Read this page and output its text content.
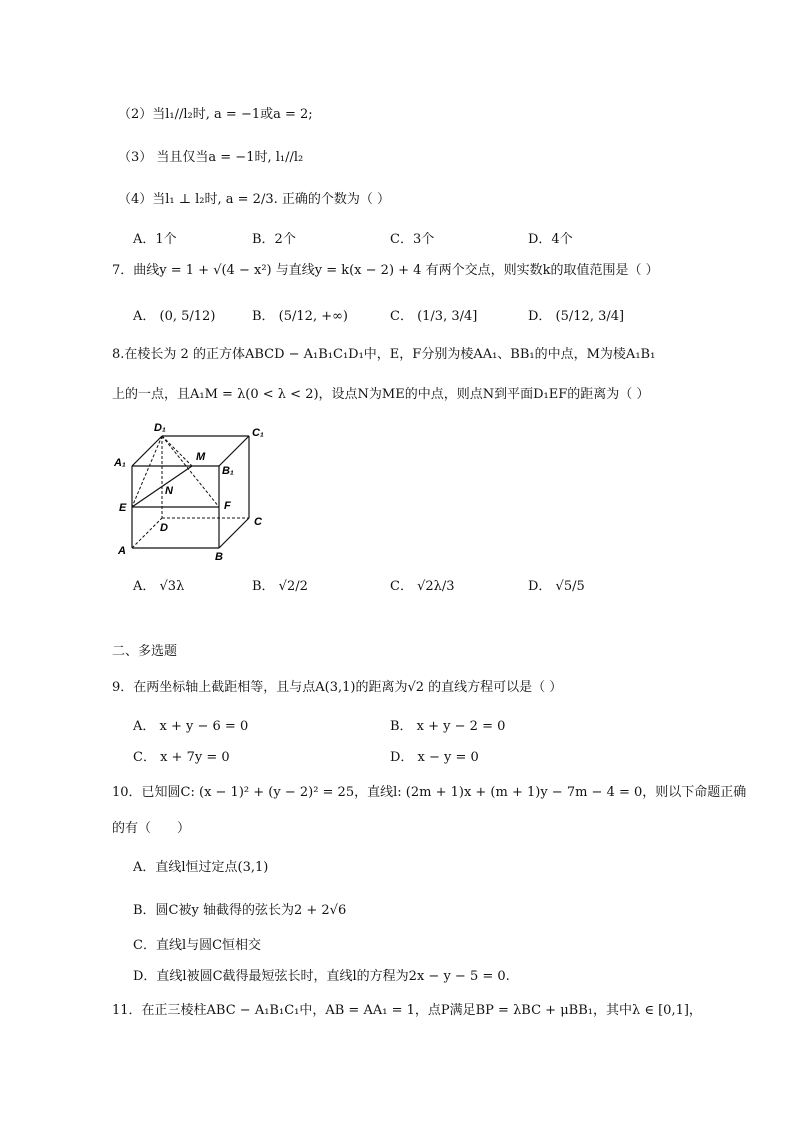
（2）当l₁//l₂时, a = −1或a = 2;
（3） 当且仅当a = −1时, l₁//l₂
（4）当l₁ ⊥ l₂时, a = 2/3. 正确的个数为（ ）
A．1个	B．2个	C．3个	D．4个
7．曲线y = 1 + √(4 − x²) 与直线y = k(x − 2) + 4 有两个交点，则实数k的取值范围是（ ）
A． (0, 5/12)	B． (5/12, +∞)	C． (1/3, 3/4]	D． (5/12, 3/4]
8.在棱长为 2 的正方体ABCD − A₁B₁C₁D₁中，E，F分别为棱AA₁、BB₁的中点，M为棱A₁B₁
上的一点，且A₁M = λ(0 < λ < 2)，设点N为ME的中点，则点N到平面D₁EF的距离为（ ）
D₁	C₁
A₁	M
B₁
N
E	F
D	C
A	B
A． √3λ	B． √2/2	C． √2λ/3	D． √5/5
二、多选题
9．在两坐标轴上截距相等，且与点A(3,1)的距离为√2 的直线方程可以是（ ）
A． x + y − 6 = 0	B． x + y − 2 = 0
C． x + 7y = 0	D． x − y = 0
10．已知圆C: (x − 1)² + (y − 2)² = 25，直线l: (2m + 1)x + (m + 1)y − 7m − 4 = 0，则以下命题正确
的有（　　）
A．直线l恒过定点(3,1)
B．圆C被y 轴截得的弦长为2 + 2√6
C．直线l与圆C恒相交
D．直线l被圆C截得最短弦长时，直线l的方程为2x − y − 5 = 0.
11．在正三棱柱ABC − A₁B₁C₁中，AB = AA₁ = 1，点P满足BP = λBC + μBB₁，其中λ ∈ [0,1]，
